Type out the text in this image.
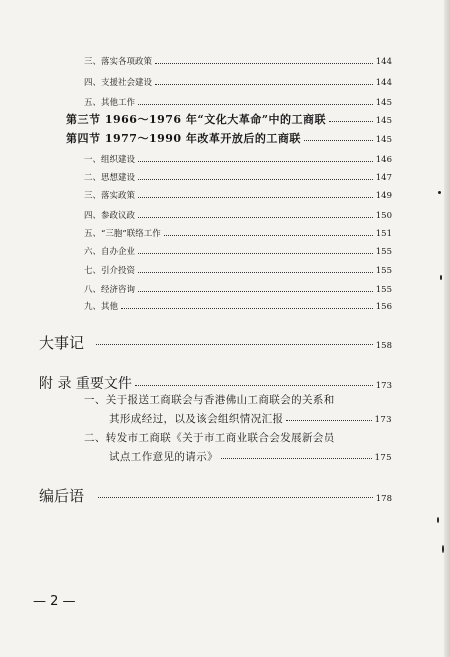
三、落实各项政策	144
四、支援社会建设	144
五、其他工作	145
第三节 1966～1976 年“文化大革命”中的工商联	145
第四节 1977～1990 年改革开放后的工商联	145
一、组织建设	146
二、思想建设	147
三、落实政策	149
四、参政议政	150
五、“三胞”联络工作	151
六、自办企业	155
七、引介投资	155
八、经济咨询	155
九、其他	156
大事记	158
附 录 重要文件	173
一、关于报送工商联会与香港佛山工商联会的关系和
其形成经过，以及该会组织情况汇报	173
二、转发市工商联《关于市工商业联合会发展新会员
试点工作意见的请示》	175
编后语	178
— 2 —
